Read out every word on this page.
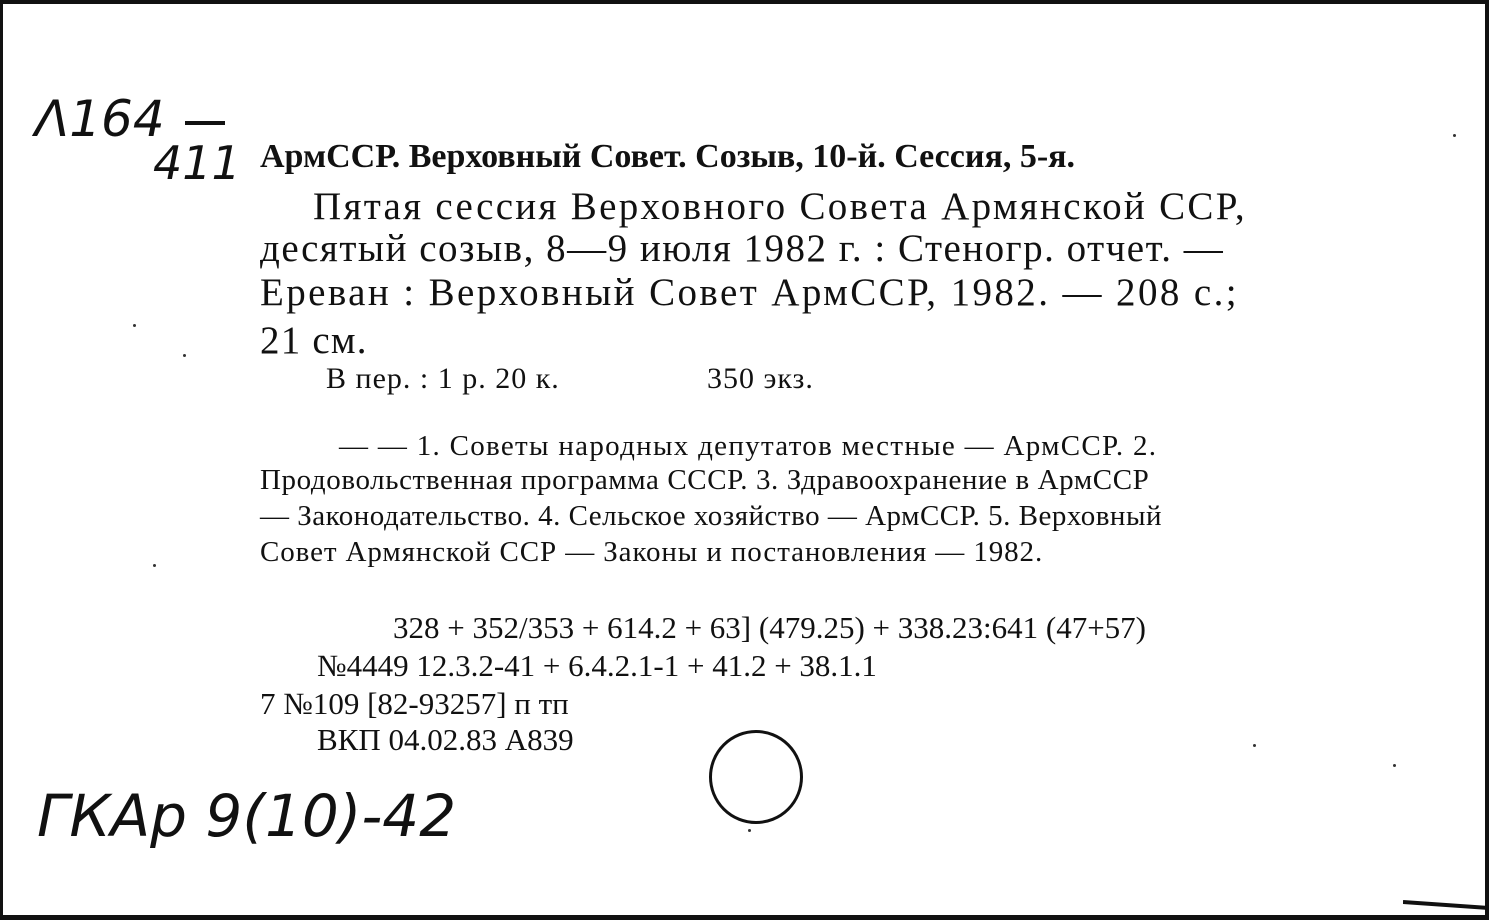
Λ164
411 АрмССР. Верховный Совет. Созыв, 10-й. Сессия, 5-я.
Пятая сессия Верховного Совета Армянской ССР,
десятый созыв, 8—9 июля 1982 г. : Стеногр. отчет. —
Ереван : Верховный Совет АрмССР, 1982. — 208 с.;
21 см.
В пер. : 1 р. 20 к.	350 экз.
— — 1. Советы народных депутатов местные — АрмССР. 2.
Продовольственная программа СССР. 3. Здравоохранение в АрмССР
— Законодательство. 4. Сельское хозяйство — АрмССР. 5. Верховный
Совет Армянской ССР — Законы и постановления — 1982.
328 + 352/353 + 614.2 + 63] (479.25) + 338.23:641 (47+57)
№4449 12.3.2-41 + 6.4.2.1-1 + 41.2 + 38.1.1
7 №109 [82-93257] п тп
ВКП 04.02.83 А839
ГКАр 9(10)-42
